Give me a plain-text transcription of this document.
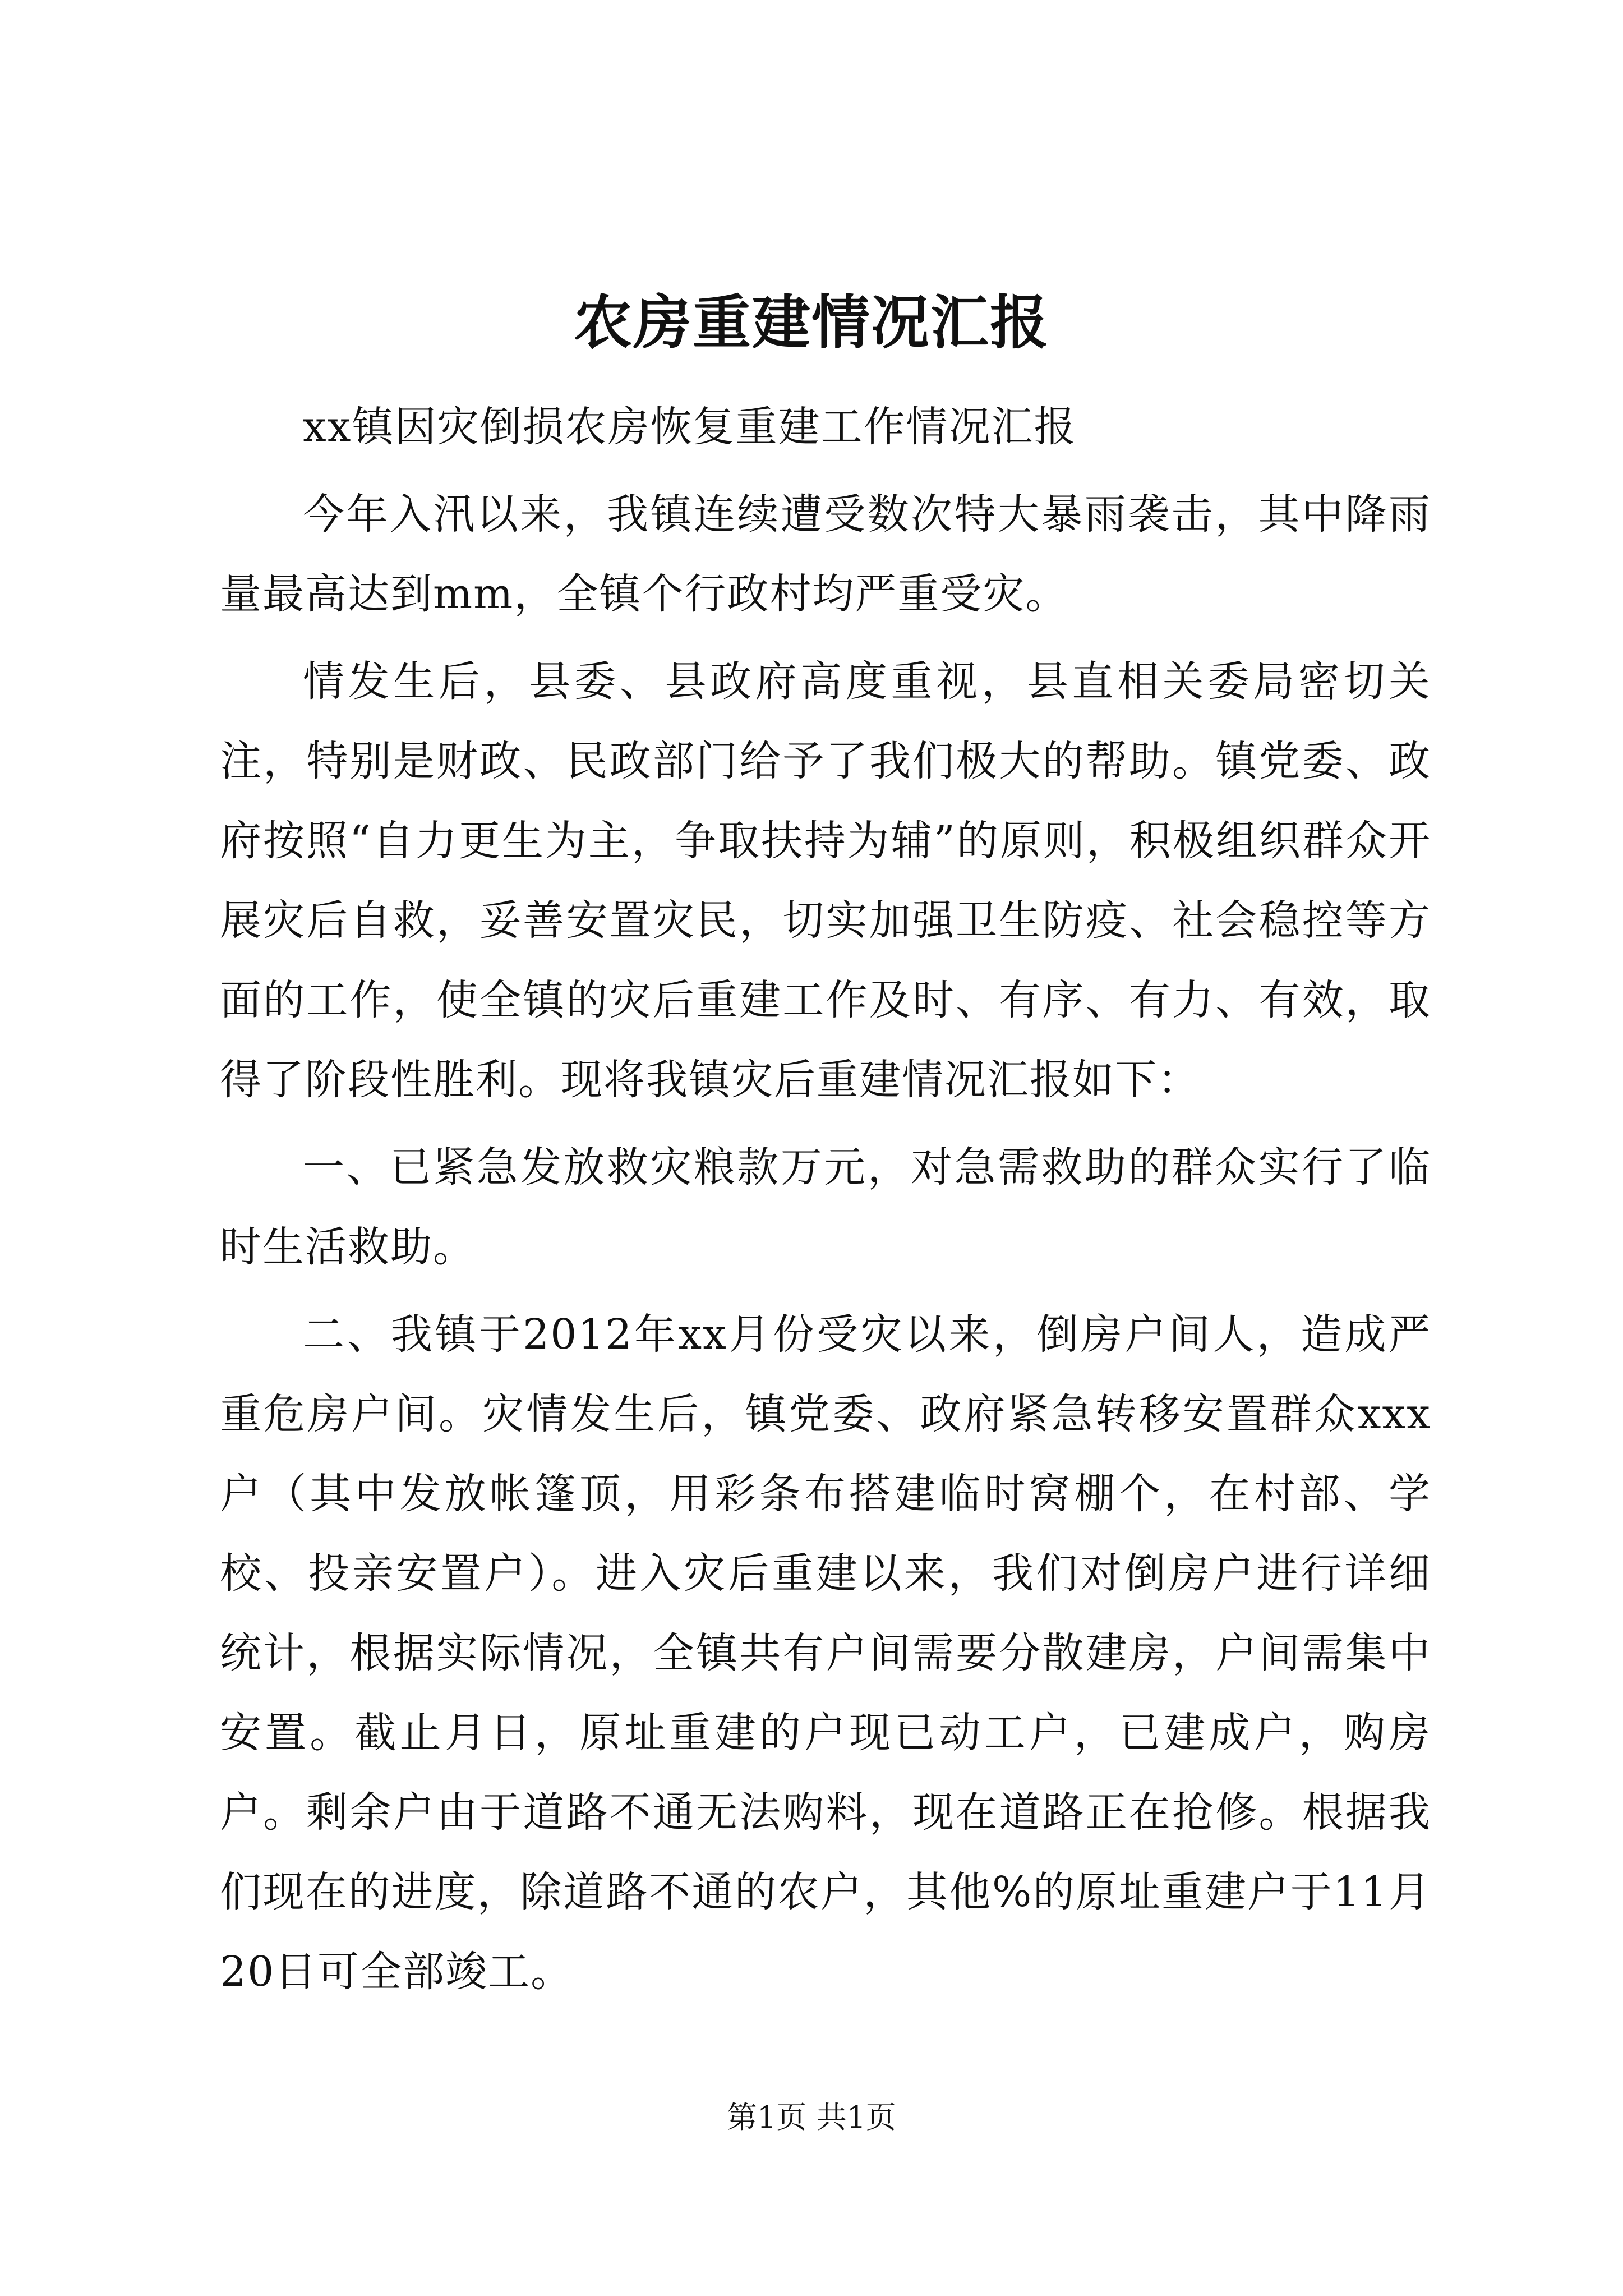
农房重建情况汇报

xx镇因灾倒损农房恢复重建工作情况汇报

今年入汛以来，我镇连续遭受数次特大暴雨袭击，其中降雨量最高达到mm，全镇个行政村均严重受灾。

情发生后，县委、县政府高度重视，县直相关委局密切关注，特别是财政、民政部门给予了我们极大的帮助。镇党委、政府按照“自力更生为主，争取扶持为辅”的原则，积极组织群众开展灾后自救，妥善安置灾民，切实加强卫生防疫、社会稳控等方面的工作，使全镇的灾后重建工作及时、有序、有力、有效，取得了阶段性胜利。现将我镇灾后重建情况汇报如下：

一、已紧急发放救灾粮款万元，对急需救助的群众实行了临时生活救助。

二、我镇于2012年xx月份受灾以来，倒房户间人，造成严重危房户间。灾情发生后，镇党委、政府紧急转移安置群众xxx户（其中发放帐篷顶，用彩条布搭建临时窝棚个，在村部、学校、投亲安置户）。进入灾后重建以来，我们对倒房户进行详细统计，根据实际情况，全镇共有户间需要分散建房，户间需集中安置。截止月日，原址重建的户现已动工户，已建成户，购房户。剩余户由于道路不通无法购料，现在道路正在抢修。根据我们现在的进度，除道路不通的农户，其他%的原址重建户于11月20日可全部竣工。

第1页 共1页
